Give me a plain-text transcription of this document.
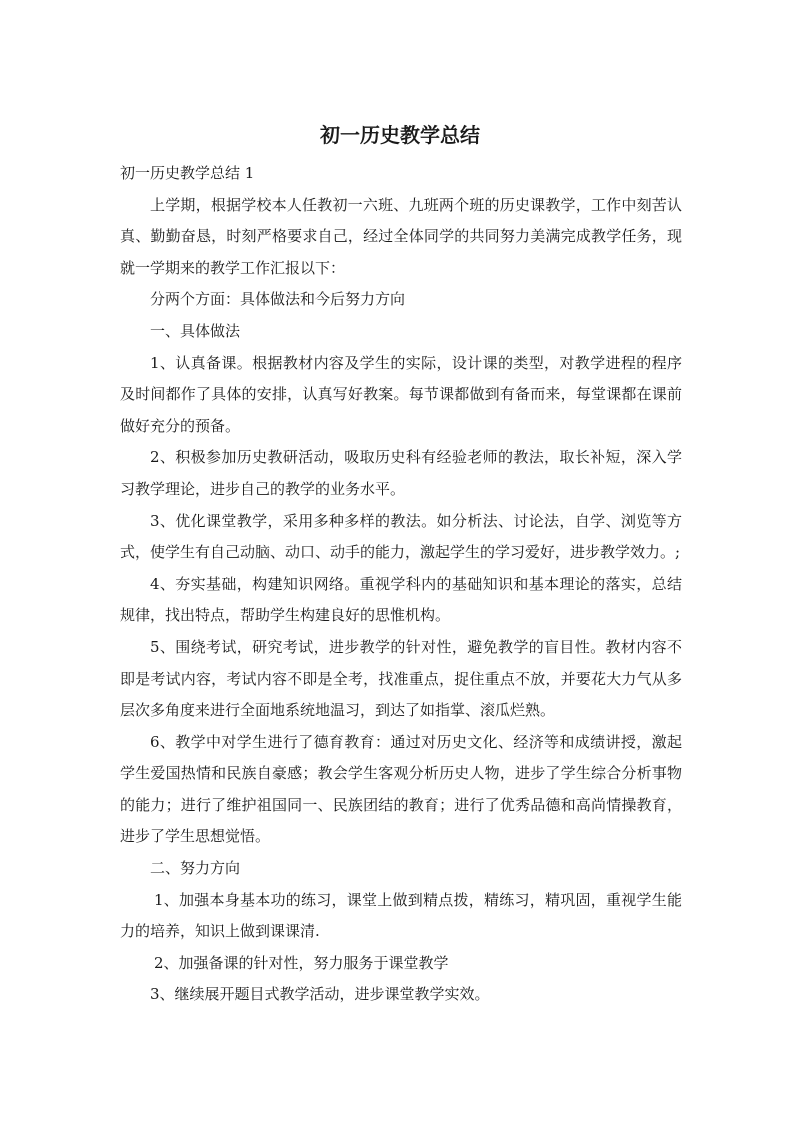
初一历史教学总结

初一历史教学总结 1

上学期，根据学校本人任教初一六班、九班两个班的历史课教学，工作中刻苦认真、勤勤奋恳，时刻严格要求自己，经过全体同学的共同努力美满完成教学任务，现就一学期来的教学工作汇报以下：

分两个方面：具体做法和今后努力方向

一、具体做法

1、认真备课。根据教材内容及学生的实际，设计课的类型，对教学进程的程序及时间都作了具体的安排，认真写好教案。每节课都做到有备而来，每堂课都在课前做好充分的预备。

2、积极参加历史教研活动，吸取历史科有经验老师的教法，取长补短，深入学习教学理论，进步自己的教学的业务水平。

3、优化课堂教学，采用多种多样的教法。如分析法、讨论法，自学、浏览等方式，使学生有自己动脑、动口、动手的能力，激起学生的学习爱好，进步教学效力。;

4、夯实基础，构建知识网络。重视学科内的基础知识和基本理论的落实，总结规律，找出特点，帮助学生构建良好的思惟机构。

5、围绕考试，研究考试，进步教学的针对性，避免教学的盲目性。教材内容不即是考试内容，考试内容不即是全考，找准重点，捉住重点不放，并要花大力气从多层次多角度来进行全面地系统地温习，到达了如指掌、滚瓜烂熟。

6、教学中对学生进行了德育教育：通过对历史文化、经济等和成绩讲授，激起学生爱国热情和民族自豪感；教会学生客观分析历史人物，进步了学生综合分析事物的能力；进行了维护祖国同一、民族团结的教育；进行了优秀品德和高尚情操教育，进步了学生思想觉悟。

二、努力方向

1、加强本身基本功的练习，课堂上做到精点拨，精练习，精巩固，重视学生能力的培养，知识上做到课课清.

2、加强备课的针对性，努力服务于课堂教学

3、继续展开题目式教学活动，进步课堂教学实效。
